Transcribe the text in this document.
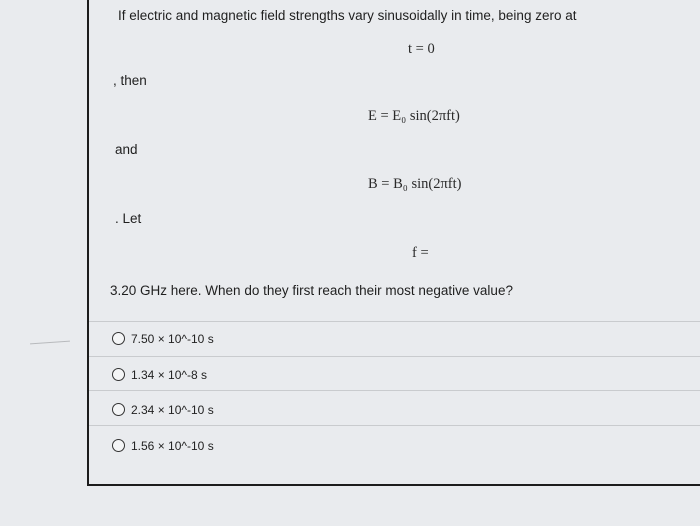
If electric and magnetic field strengths vary sinusoidally in time, being zero at
t = 0
, then
E = E₀ sin(2πft)
and
B = B₀ sin(2πft)
. Let
f =
3.20 GHz here. When do they first reach their most negative value?
7.50 × 10^-10 s
1.34 × 10^-8 s
2.34 × 10^-10 s
1.56 × 10^-10 s
